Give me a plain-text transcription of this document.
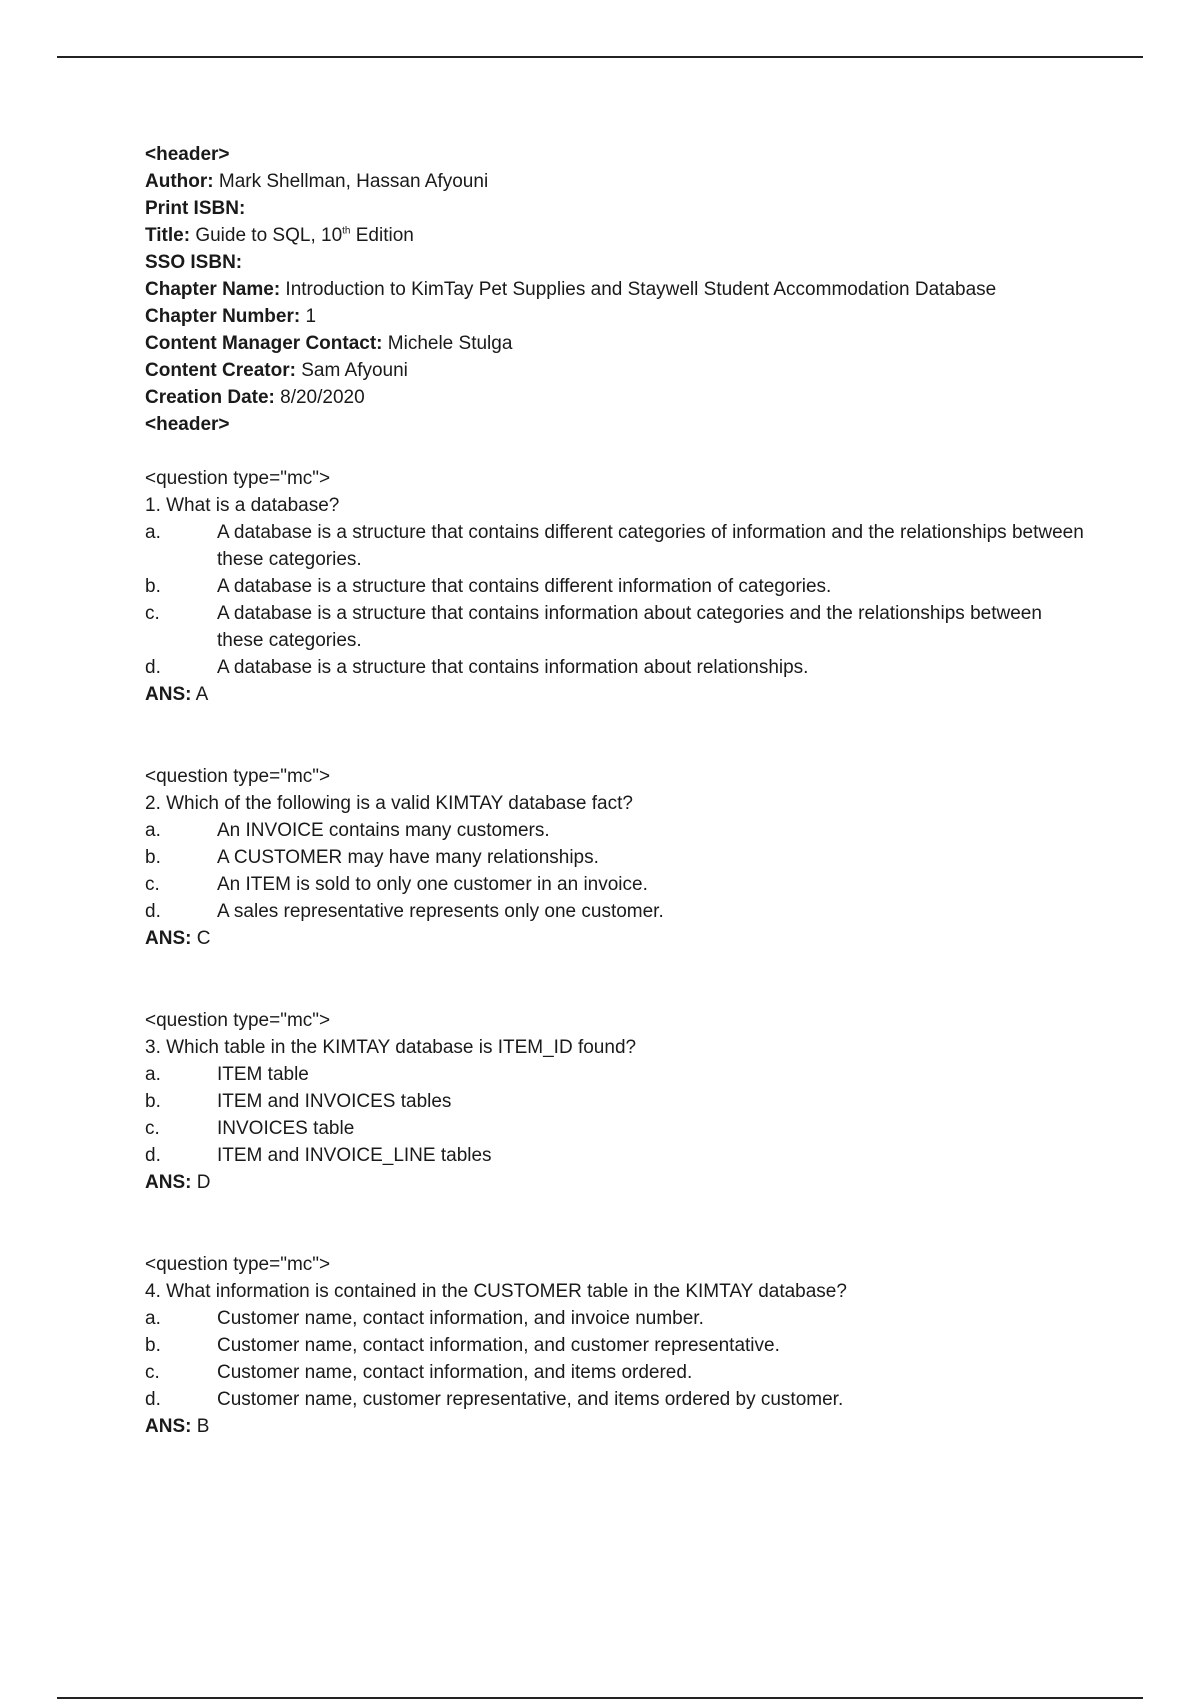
<header>
Author: Mark Shellman, Hassan Afyouni
Print ISBN:
Title: Guide to SQL, 10th Edition
SSO ISBN:
Chapter Name: Introduction to KimTay Pet Supplies and Staywell Student Accommodation Database
Chapter Number: 1
Content Manager Contact: Michele Stulga
Content Creator: Sam Afyouni
Creation Date: 8/20/2020
<header>
<question type="mc">
1. What is a database?
a.	A database is a structure that contains different categories of information and the relationships between these categories.
b.	A database is a structure that contains different information of categories.
c.	A database is a structure that contains information about categories and the relationships between these categories.
d.	A database is a structure that contains information about relationships.
ANS: A
<question type="mc">
2. Which of the following is a valid KIMTAY database fact?
a.	An INVOICE contains many customers.
b.	A CUSTOMER may have many relationships.
c.	An ITEM is sold to only one customer in an invoice.
d.	A sales representative represents only one customer.
ANS: C
<question type="mc">
3. Which table in the KIMTAY database is ITEM_ID found?
a.	ITEM table
b.	ITEM and INVOICES tables
c.	INVOICES table
d.	ITEM and INVOICE_LINE tables
ANS: D
<question type="mc">
4. What information is contained in the CUSTOMER table in the KIMTAY database?
a.	Customer name, contact information, and invoice number.
b.	Customer name, contact information, and customer representative.
c.	Customer name, contact information, and items ordered.
d.	Customer name, customer representative, and items ordered by customer.
ANS: B
